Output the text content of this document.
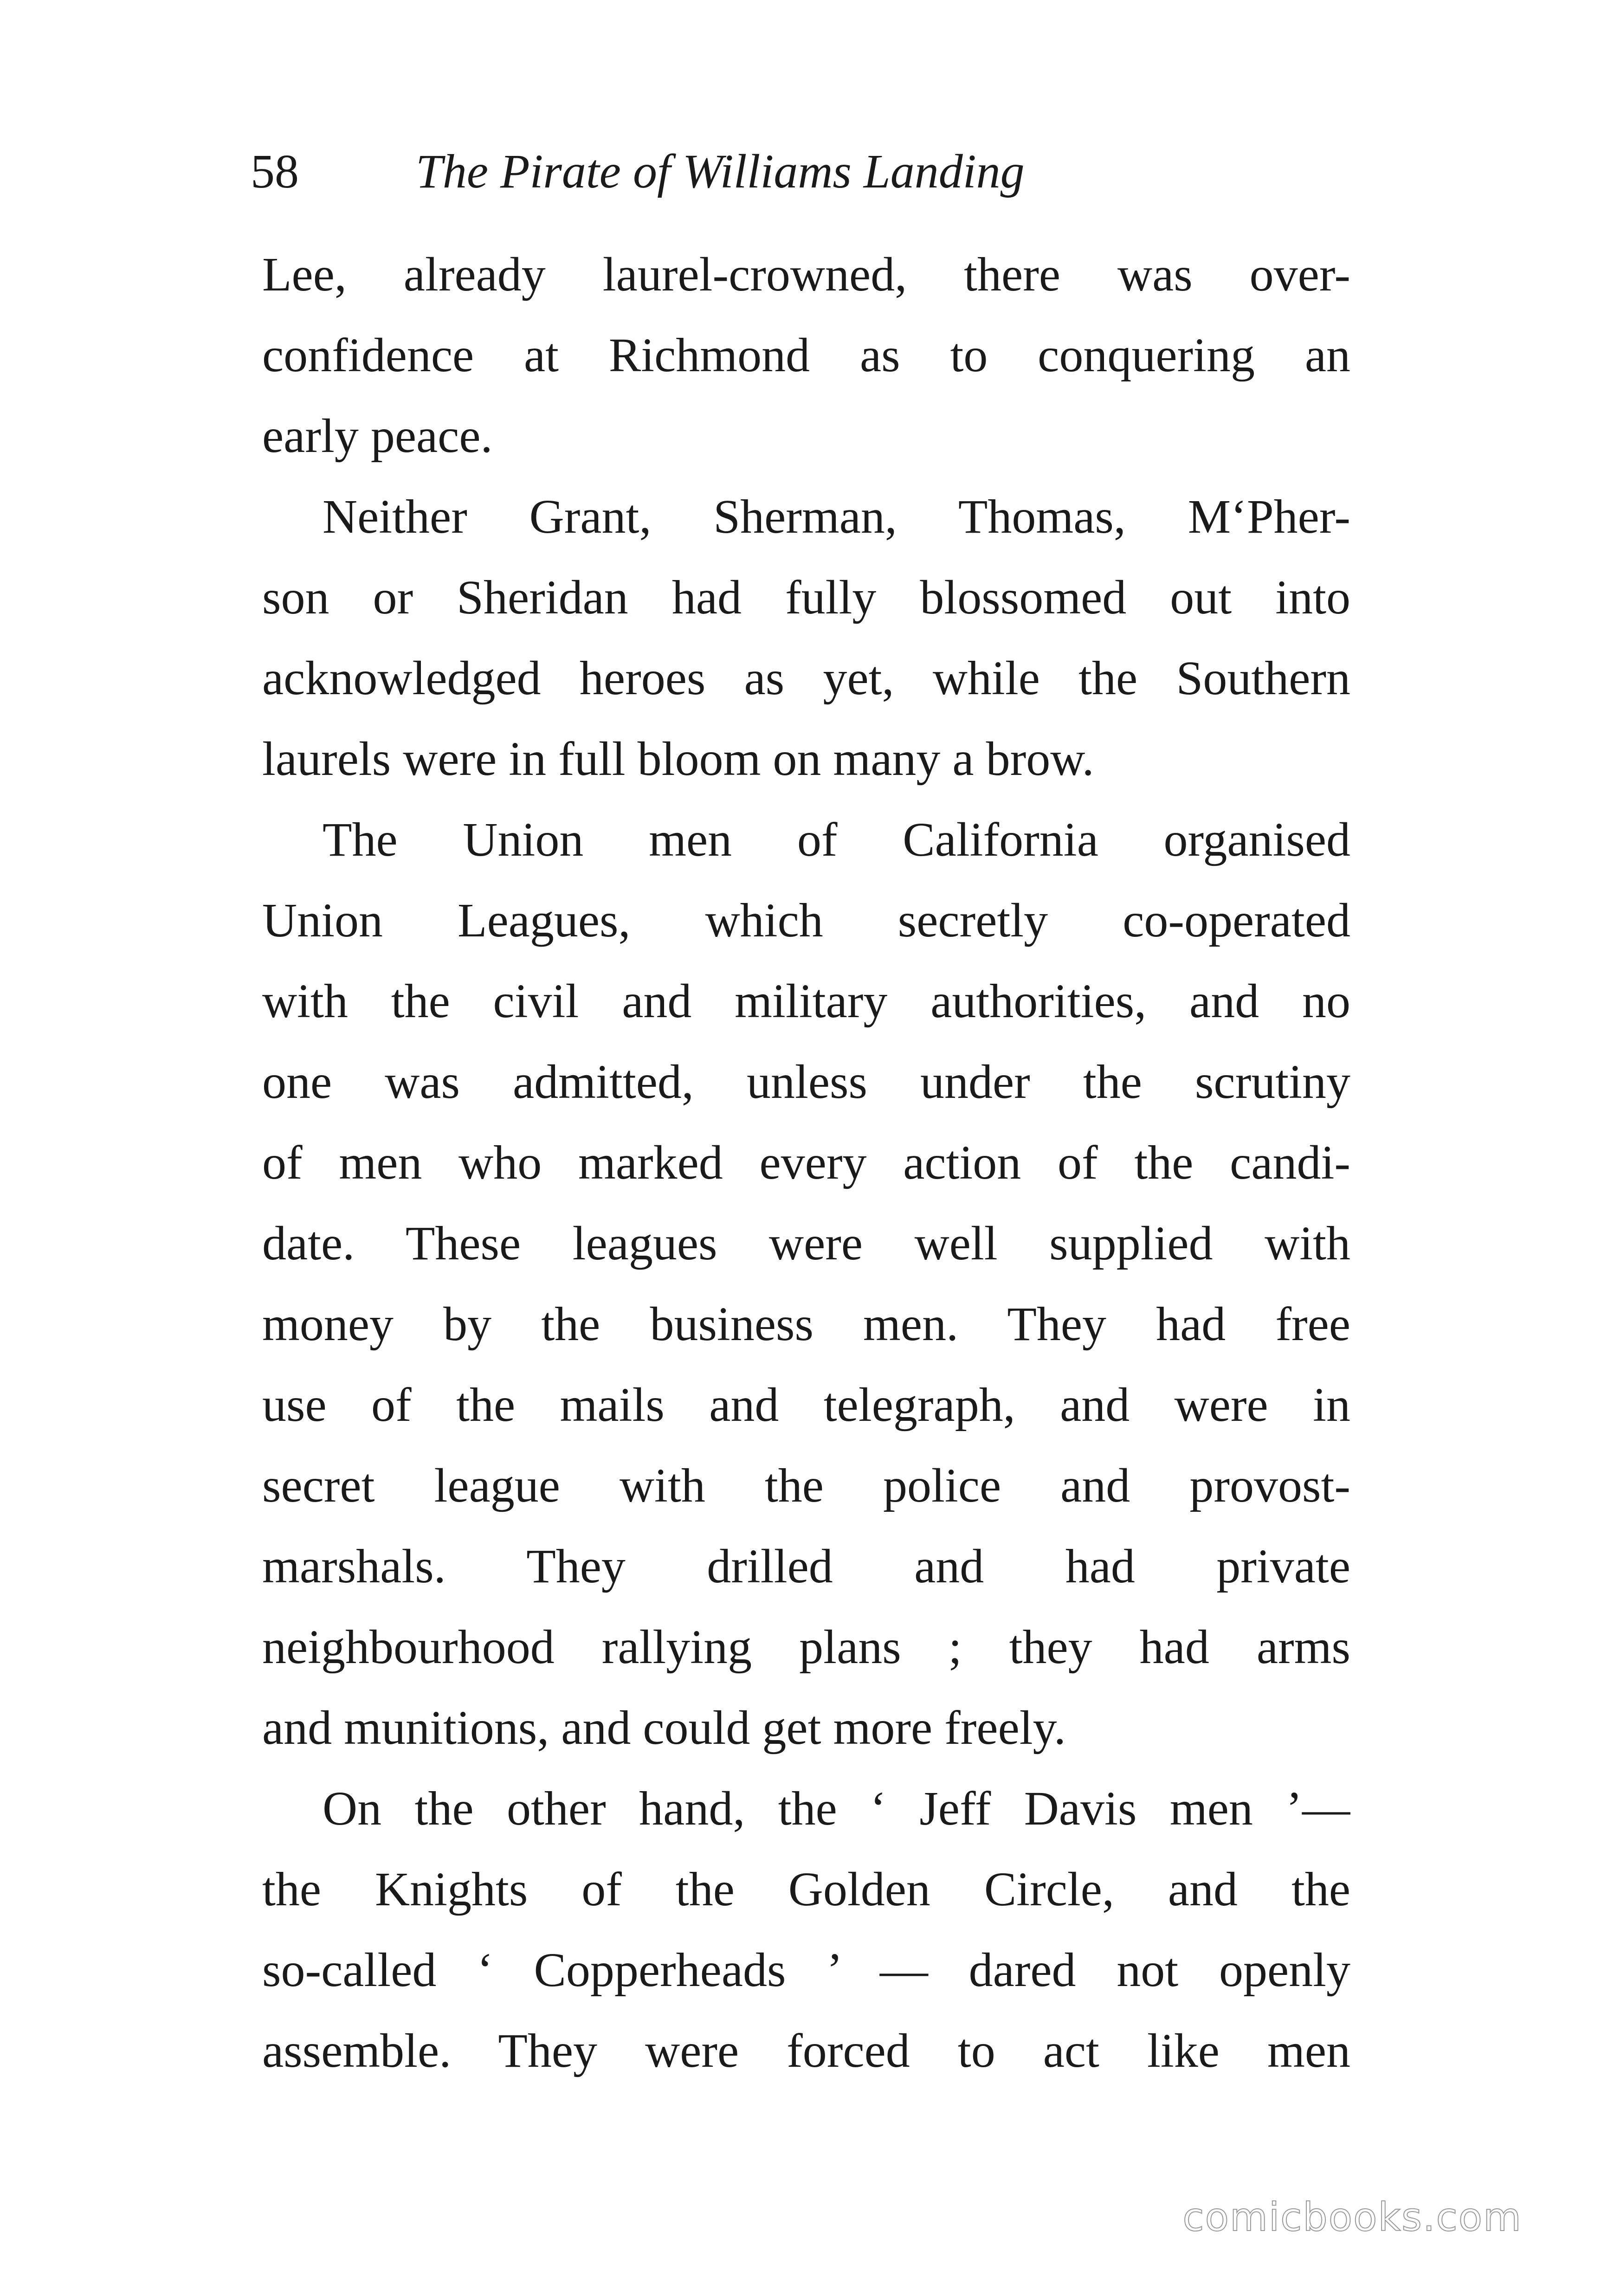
58 The Pirate of Williams Landing
Lee, already laurel-crowned, there was over-
confidence at Richmond as to conquering an
early peace.
Neither Grant, Sherman, Thomas, M‘Pher-
son or Sheridan had fully blossomed out into
acknowledged heroes as yet, while the Southern
laurels were in full bloom on many a brow.
The Union men of California organised
Union Leagues, which secretly co-operated
with the civil and military authorities, and no
one was admitted, unless under the scrutiny
of men who marked every action of the candi-
date. These leagues were well supplied with
money by the business men. They had free
use of the mails and telegraph, and were in
secret league with the police and provost-
marshals. They drilled and had private
neighbourhood rallying plans ; they had arms
and munitions, and could get more freely.
On the other hand, the ‘ Jeff Davis men ’—
the Knights of the Golden Circle, and the
so-called ‘ Copperheads ’ — dared not openly
assemble. They were forced to act like men
comicbooks.com
